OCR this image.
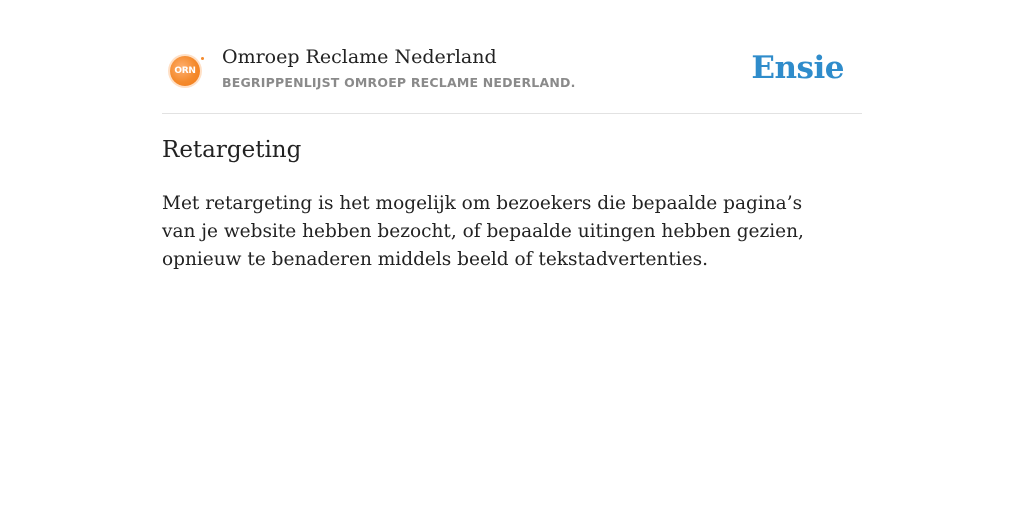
ORN
Omroep Reclame Nederland
BEGRIPPENLIJST OMROEP RECLAME NEDERLAND.	Ensie
Retargeting

Met retargeting is het mogelijk om bezoekers die bepaalde pagina’s van je website hebben bezocht, of bepaalde uitingen hebben gezien, opnieuw te benaderen middels beeld of tekstadvertenties.
